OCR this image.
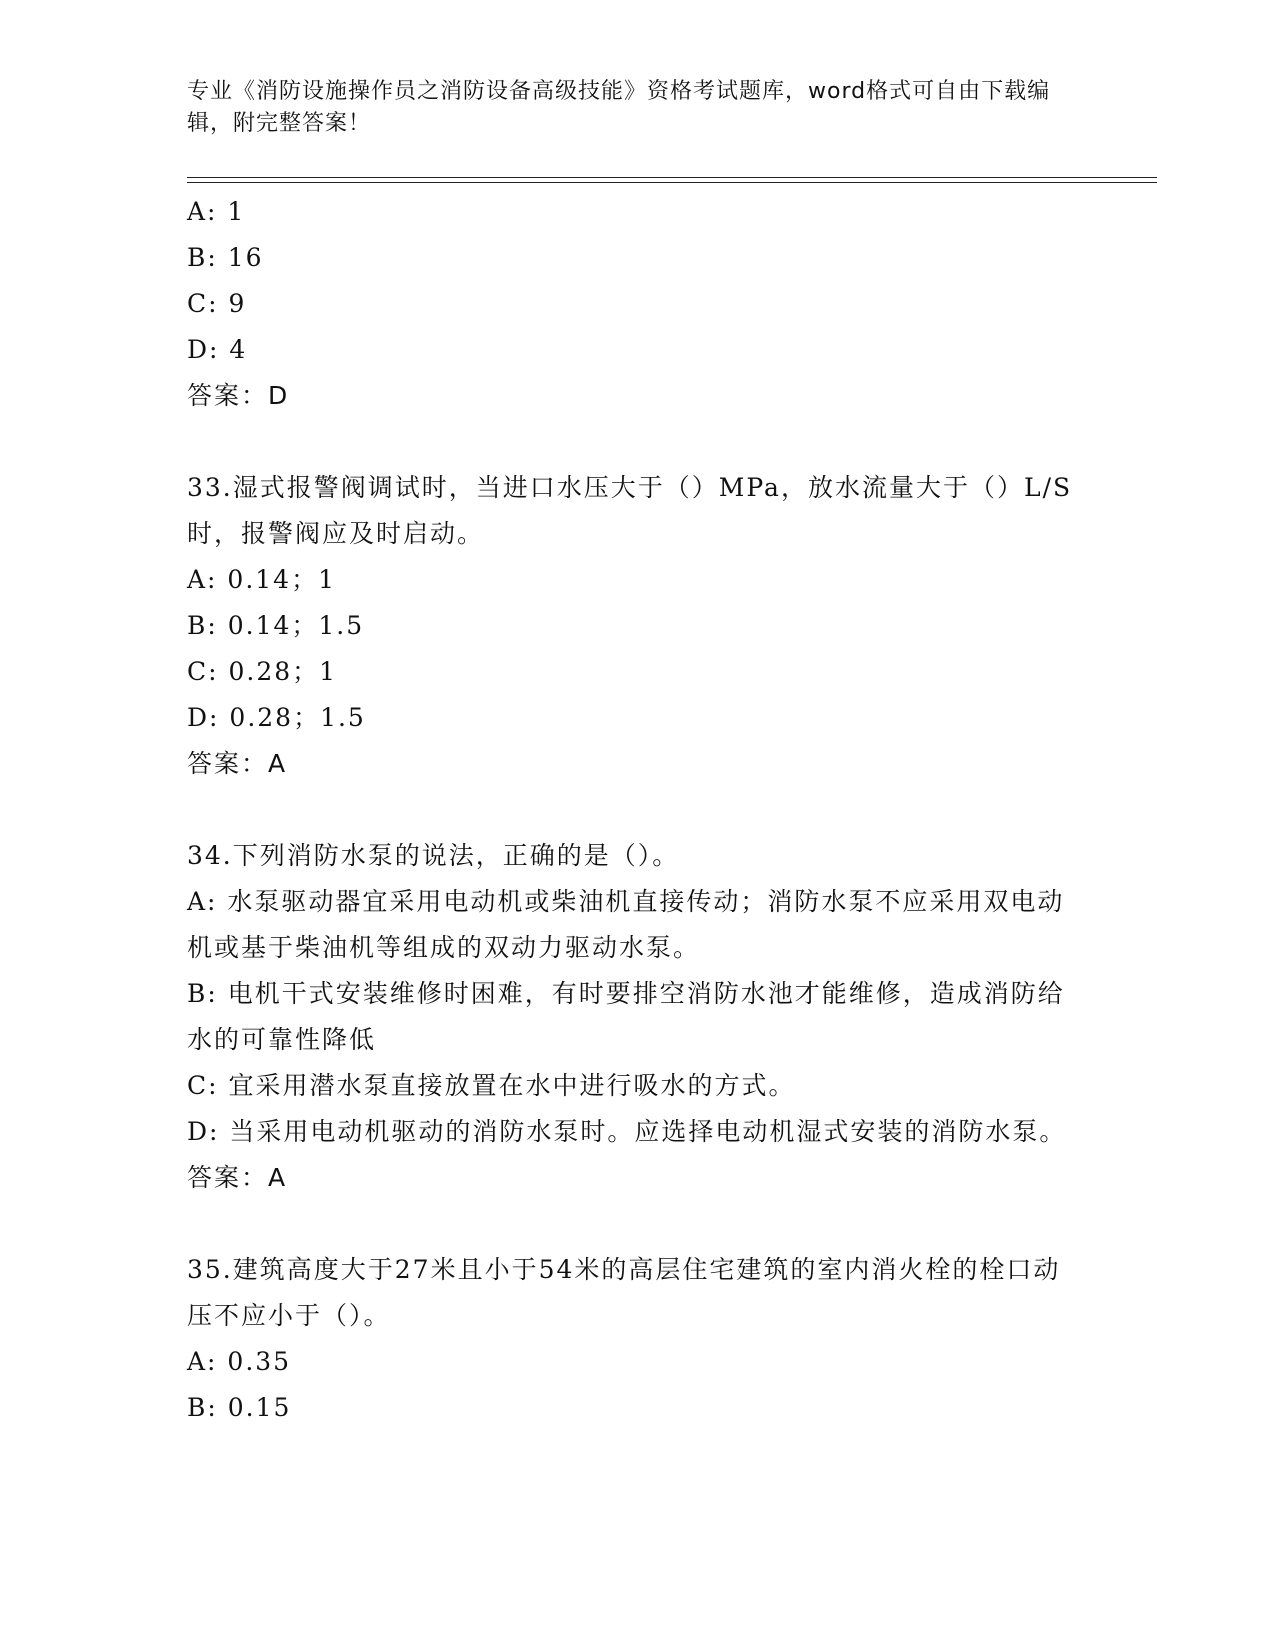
专业《消防设施操作员之消防设备高级技能》资格考试题库，word格式可自由下载编辑，附完整答案！
A: 1
B: 16
C: 9
D: 4
答案：D
33.湿式报警阀调试时，当进口水压大于（）MPa，放水流量大于（）L/S时，报警阀应及时启动。
A: 0.14；1
B: 0.14；1.5
C: 0.28；1
D: 0.28；1.5
答案：A
34.下列消防水泵的说法，正确的是（）。
A: 水泵驱动器宜采用电动机或柴油机直接传动；消防水泵不应采用双电动机或基于柴油机等组成的双动力驱动水泵。
B: 电机干式安装维修时困难，有时要排空消防水池才能维修，造成消防给水的可靠性降低
C: 宜采用潜水泵直接放置在水中进行吸水的方式。
D: 当采用电动机驱动的消防水泵时。应选择电动机湿式安装的消防水泵。
答案：A
35.建筑高度大于27米且小于54米的高层住宅建筑的室内消火栓的栓口动压不应小于（）。
A: 0.35
B: 0.15
